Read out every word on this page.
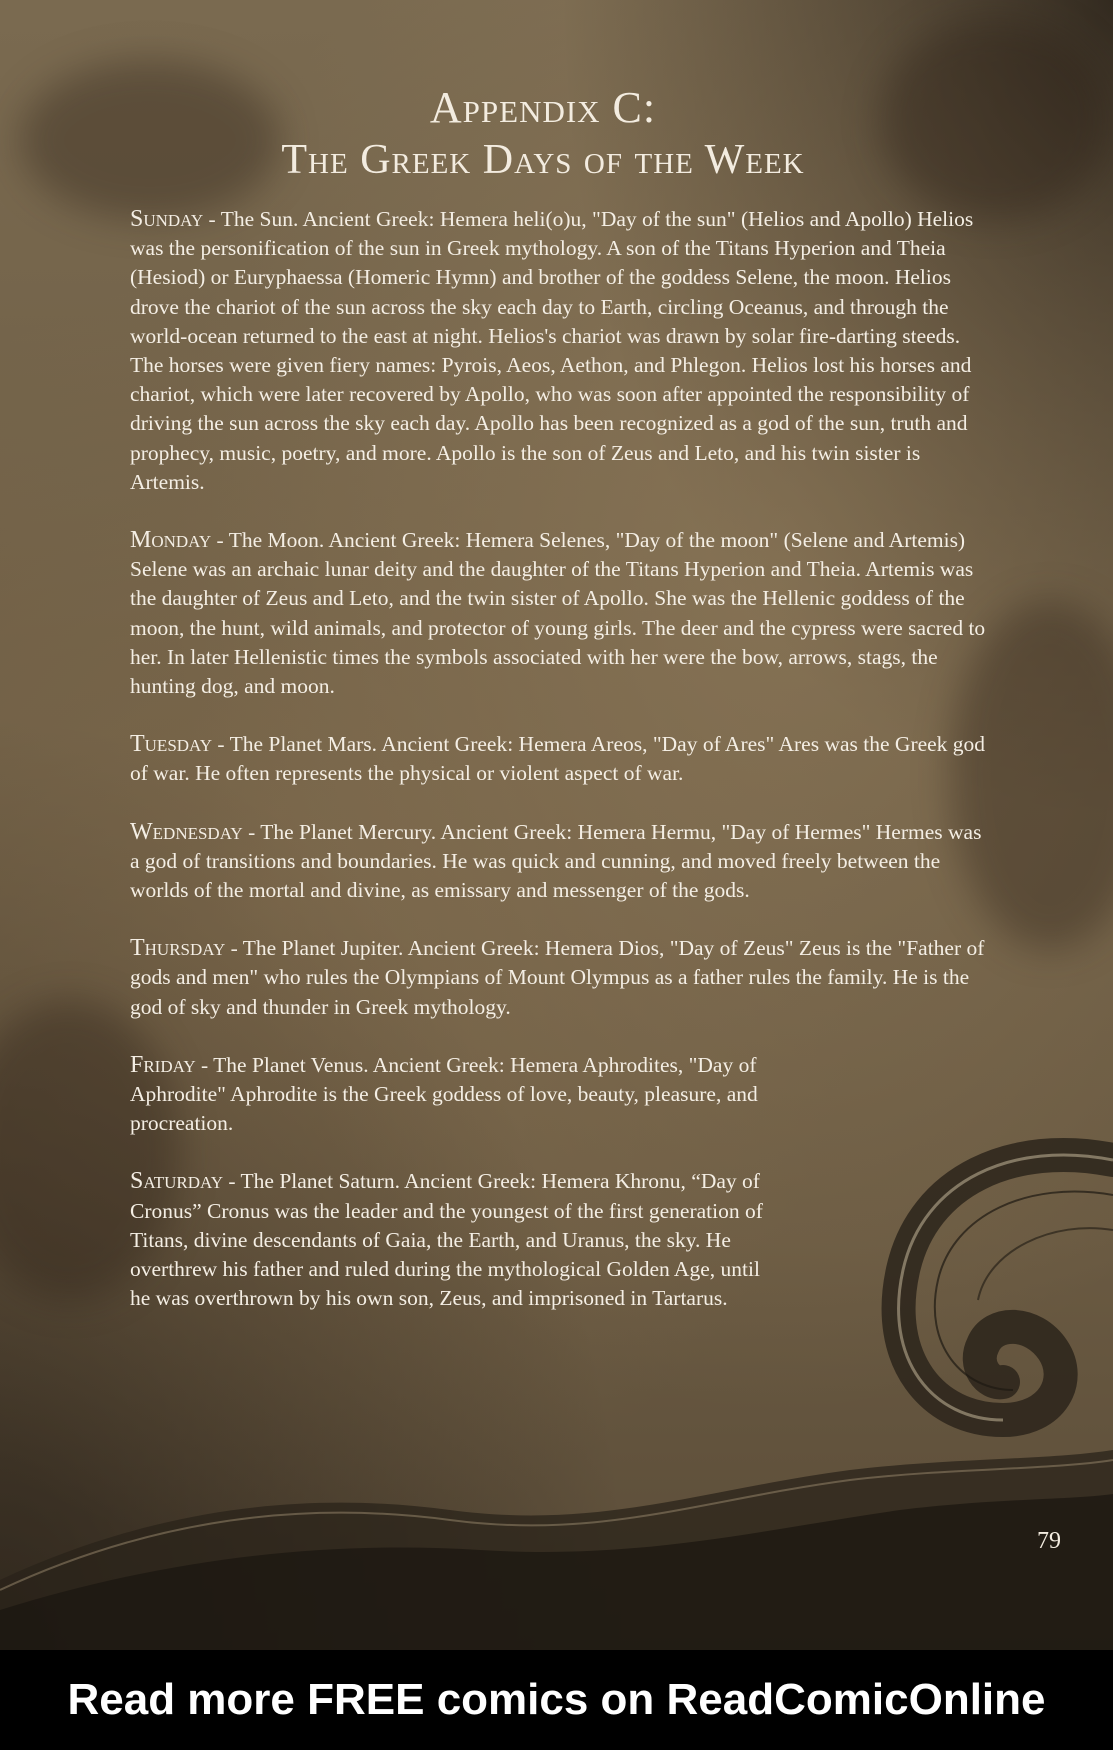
Appendix C:
The Greek Days of the Week

Sunday - The Sun. Ancient Greek: Hemera heli(o)u, "Day of the sun" (Helios and Apollo) Helios was the personification of the sun in Greek mythology. A son of the Titans Hyperion and Theia (Hesiod) or Euryphaessa (Homeric Hymn) and brother of the goddess Selene, the moon. Helios drove the chariot of the sun across the sky each day to Earth, circling Oceanus, and through the world-ocean returned to the east at night. Helios's chariot was drawn by solar fire-darting steeds. The horses were given fiery names: Pyrois, Aeos, Aethon, and Phlegon. Helios lost his horses and chariot, which were later recovered by Apollo, who was soon after appointed the responsibility of driving the sun across the sky each day. Apollo has been recognized as a god of the sun, truth and prophecy, music, poetry, and more. Apollo is the son of Zeus and Leto, and his twin sister is Artemis.

Monday - The Moon. Ancient Greek: Hemera Selenes, "Day of the moon" (Selene and Artemis) Selene was an archaic lunar deity and the daughter of the Titans Hyperion and Theia. Artemis was the daughter of Zeus and Leto, and the twin sister of Apollo. She was the Hellenic goddess of the moon, the hunt, wild animals, and protector of young girls. The deer and the cypress were sacred to her. In later Hellenistic times the symbols associated with her were the bow, arrows, stags, the hunting dog, and moon.

Tuesday - The Planet Mars. Ancient Greek: Hemera Areos, "Day of Ares" Ares was the Greek god of war. He often represents the physical or violent aspect of war.

Wednesday - The Planet Mercury. Ancient Greek: Hemera Hermu, "Day of Hermes" Hermes was a god of transitions and boundaries. He was quick and cunning, and moved freely between the worlds of the mortal and divine, as emissary and messenger of the gods.

Thursday - The Planet Jupiter. Ancient Greek: Hemera Dios, "Day of Zeus" Zeus is the "Father of gods and men" who rules the Olympians of Mount Olympus as a father rules the family. He is the god of sky and thunder in Greek mythology.

Friday - The Planet Venus. Ancient Greek: Hemera Aphrodites, "Day of Aphrodite" Aphrodite is the Greek goddess of love, beauty, pleasure, and procreation.

Saturday - The Planet Saturn. Ancient Greek: Hemera Khronu, “Day of Cronus” Cronus was the leader and the youngest of the first generation of Titans, divine descendants of Gaia, the Earth, and Uranus, the sky. He overthrew his father and ruled during the mythological Golden Age, until he was overthrown by his own son, Zeus, and imprisoned in Tartarus.

79
Read more FREE comics on ReadComicOnline
